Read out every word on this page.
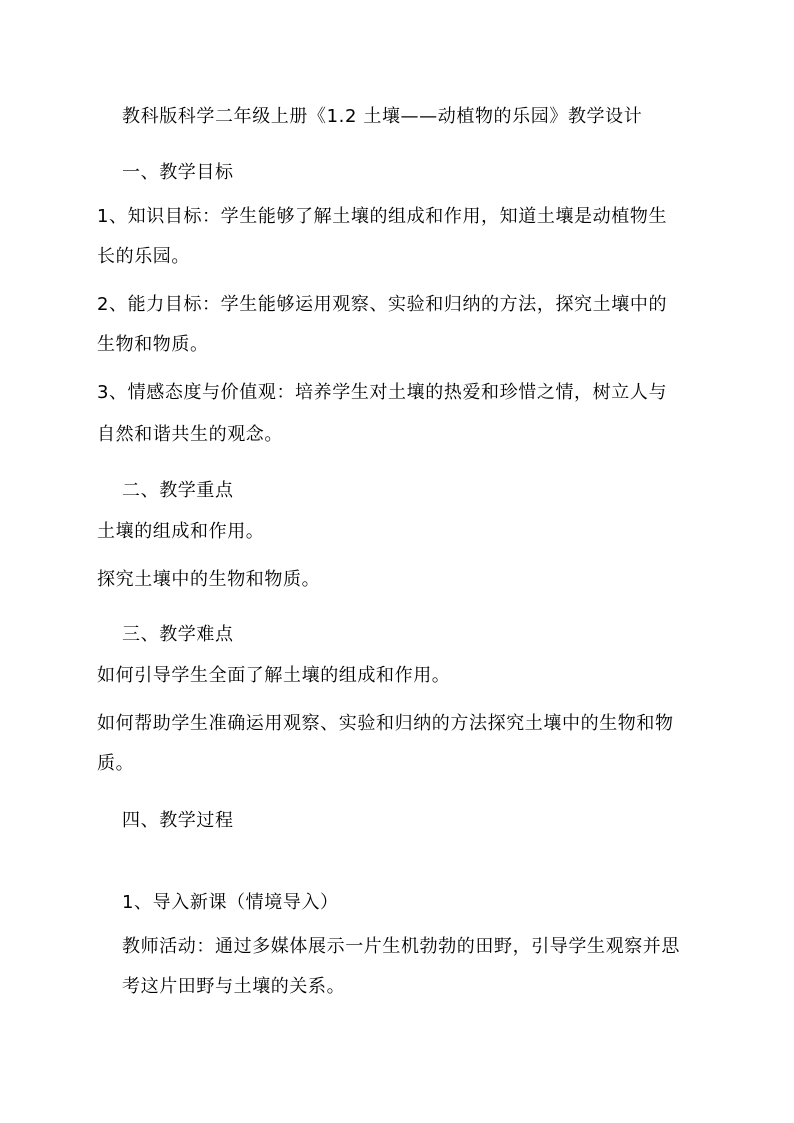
教科版科学二年级上册《1.2 土壤——动植物的乐园》教学设计
一、教学目标
1、知识目标：学生能够了解土壤的组成和作用，知道土壤是动植物生
长的乐园。
2、能力目标：学生能够运用观察、实验和归纳的方法，探究土壤中的
生物和物质。
3、情感态度与价值观：培养学生对土壤的热爱和珍惜之情，树立人与
自然和谐共生的观念。
二、教学重点
土壤的组成和作用。
探究土壤中的生物和物质。
三、教学难点
如何引导学生全面了解土壤的组成和作用。
如何帮助学生准确运用观察、实验和归纳的方法探究土壤中的生物和物
质。
四、教学过程
1、导入新课（情境导入）
教师活动：通过多媒体展示一片生机勃勃的田野，引导学生观察并思
考这片田野与土壤的关系。
